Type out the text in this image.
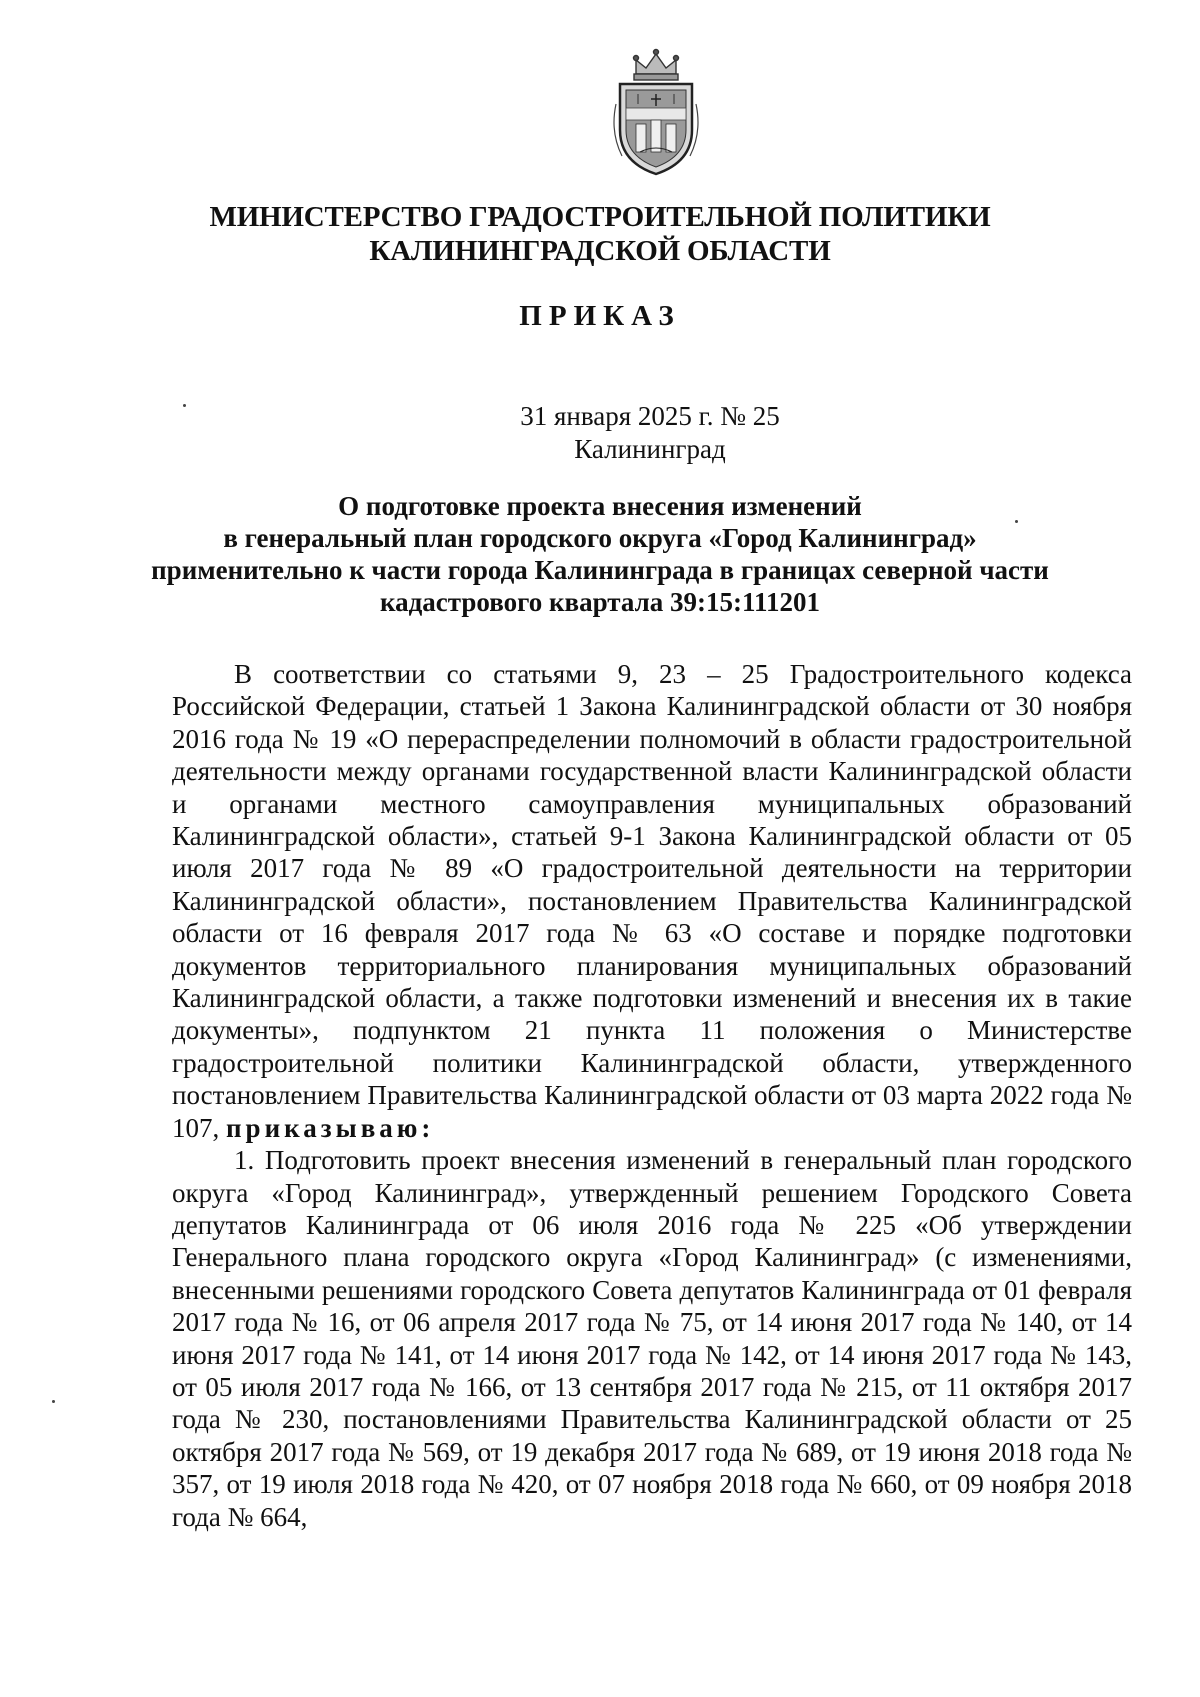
МИНИСТЕРСТВО ГРАДОСТРОИТЕЛЬНОЙ ПОЛИТИКИ
КАЛИНИНГРАДСКОЙ ОБЛАСТИ
ПРИКАЗ
31 января 2025 г. № 25
Калининград
О подготовке проекта внесения изменений
в генеральный план городского округа «Город Калининград»
применительно к части города Калининграда в границах северной части
кадастрового квартала 39:15:111201

В соответствии со статьями 9, 23 – 25 Градостроительного кодекса Российской Федерации, статьей 1 Закона Калининградской области от 30 ноября 2016 года № 19 «О перераспределении полномочий в области градостроительной деятельности между органами государственной власти Калининградской области и органами местного самоуправления муниципальных образований Калининградской области», статьей 9-1 Закона Калининградской области от 05 июля 2017 года № 89 «О градостроительной деятельности на территории Калининградской области», постановлением Правительства Калининградской области от 16 февраля 2017 года № 63 «О составе и порядке подготовки документов территориального планирования муниципальных образований Калининградской области, а также подготовки изменений и внесения их в такие документы», подпунктом 21 пункта 11 положения о Министерстве градостроительной политики Калининградской области, утвержденного постановлением Правительства Калининградской области от 03 марта 2022 года № 107, приказываю:

1. Подготовить проект внесения изменений в генеральный план городского округа «Город Калининград», утвержденный решением Городского Совета депутатов Калининграда от 06 июля 2016 года № 225 «Об утверждении Генерального плана городского округа «Город Калининград» (с изменениями, внесенными решениями городского Совета депутатов Калининграда от 01 февраля 2017 года № 16, от 06 апреля 2017 года № 75, от 14 июня 2017 года № 140, от 14 июня 2017 года № 141, от 14 июня 2017 года № 142, от 14 июня 2017 года № 143, от 05 июля 2017 года № 166, от 13 сентября 2017 года № 215, от 11 октября 2017 года № 230, постановлениями Правительства Калининградской области от 25 октября 2017 года № 569, от 19 декабря 2017 года № 689, от 19 июня 2018 года № 357, от 19 июля 2018 года № 420, от 07 ноября 2018 года № 660, от 09 ноября 2018 года № 664,
